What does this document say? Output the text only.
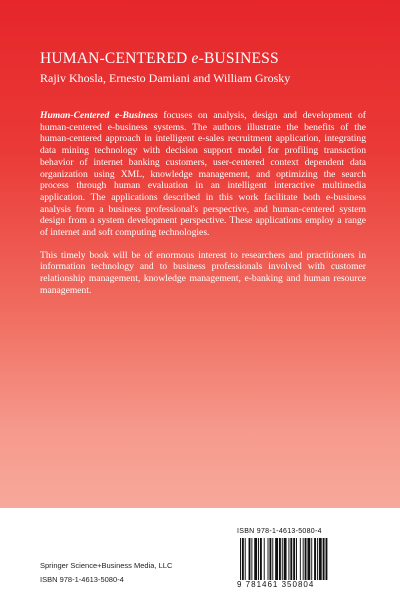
HUMAN-CENTERED e-BUSINESS
Rajiv Khosla, Ernesto Damiani and William Grosky

Human-Centered e-Business focuses on analysis, design and development of human-centered e-business systems. The authors illustrate the benefits of the human-centered approach in intelligent e-sales recruitment application, integrating data mining technology with decision support model for profiling transaction behavior of internet banking customers, user-centered context dependent data organization using XML, knowledge management, and optimizing the search process through human evaluation in an intelligent interactive multimedia application. The applications described in this work facilitate both e-business analysis from a business professional's perspective, and human-centered system design from a system development perspective. These applications employ a range of internet and soft computing technologies.

This timely book will be of enormous interest to researchers and practitioners in information technology and to business professionals involved with customer relationship management, knowledge management, e-banking and human resource management.

Springer Science+Business Media, LLC
ISBN 978-1-4613-5080-4
ISBN 978-1-4613-5080-4
9 781461 350804
